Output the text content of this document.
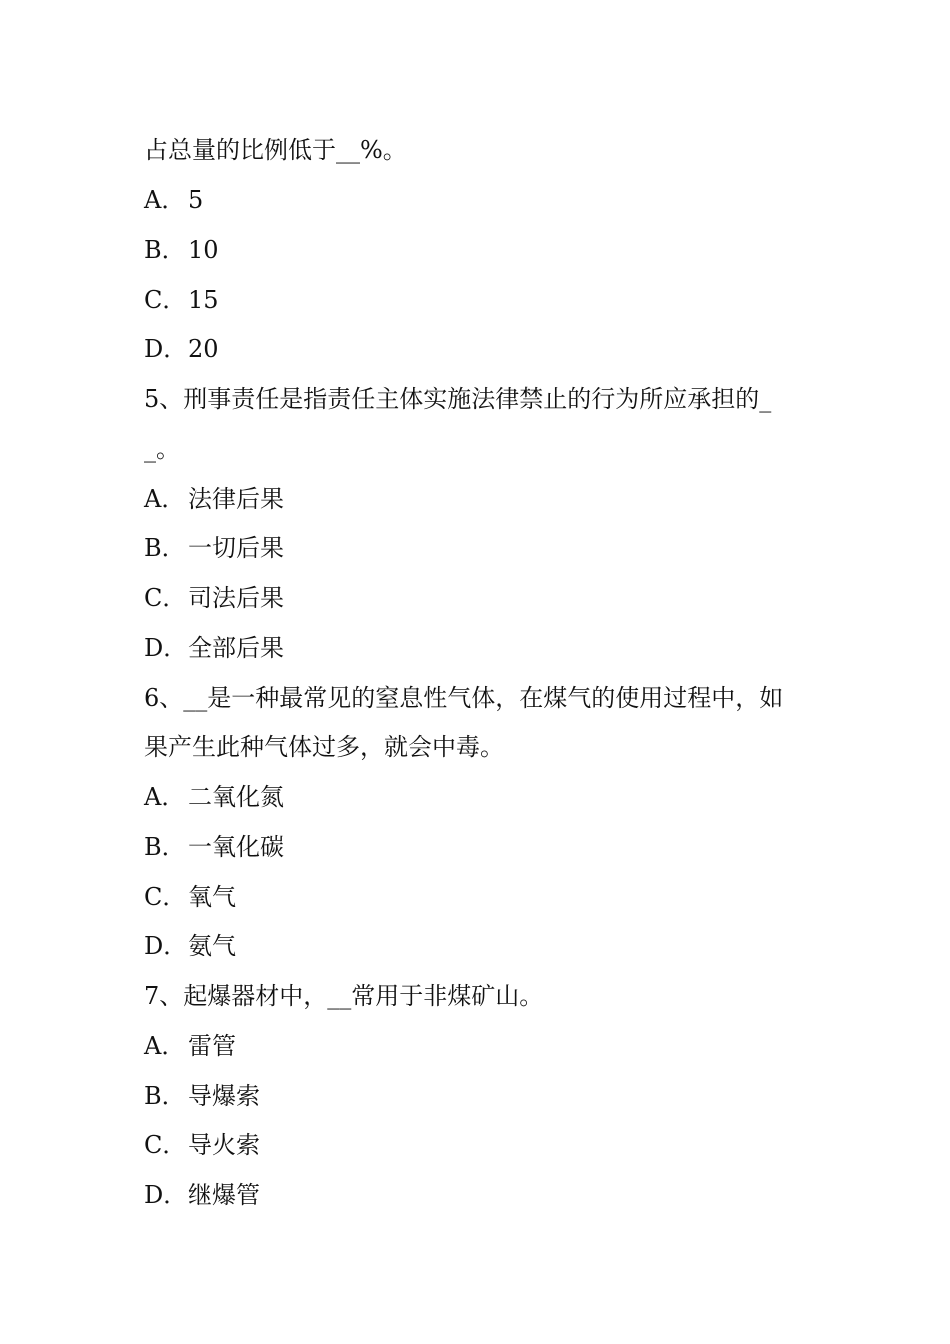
占总量的比例低于__%。
A． 5
B．10
C．15
D．20
5、刑事责任是指责任主体实施法律禁止的行为所应承担的_
_。
A． 法律后果
B．一切后果
C．司法后果
D．全部后果
6、__是一种最常见的窒息性气体，在煤气的使用过程中，如
果产生此种气体过多，就会中毒。
A． 二氧化氮
B．一氧化碳
C．氧气
D．氨气
7、起爆器材中，__常用于非煤矿山。
A． 雷管
B．导爆索
C．导火索
D．继爆管
